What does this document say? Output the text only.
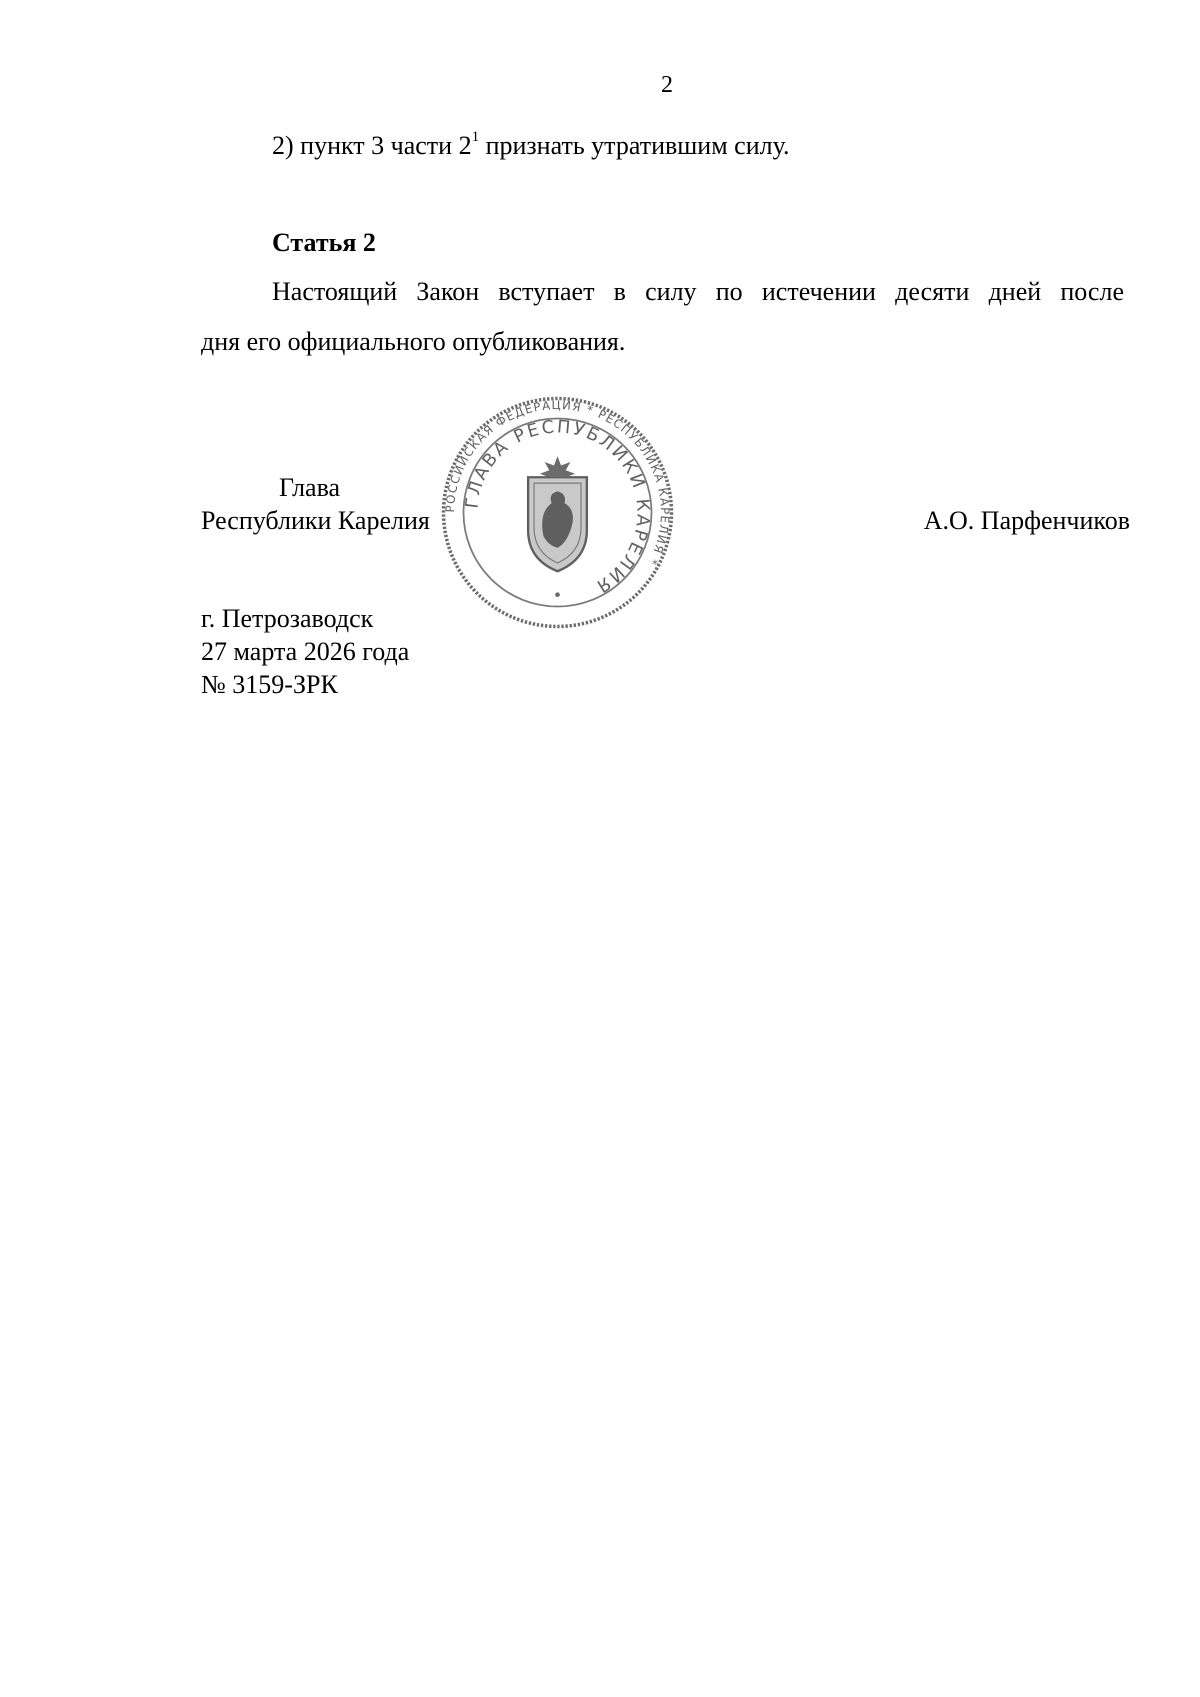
2
2) пункт 3 части $2^1$ признать утратившим силу.
Статья 2
Настоящий Закон вступает в силу по истечении десяти дней после
дня его официального опубликования.
Глава
Республики Карелия	А.О. Парфенчиков
РОССИЙСКАЯ ФЕДЕРАЦИЯ * РЕСПУБЛИКА КАРЕЛИЯ *
ГЛАВА РЕСПУБЛИКИ КАРЕЛИЯ
г. Петрозаводск
27 марта 2026 года
№ 3159-ЗРК
